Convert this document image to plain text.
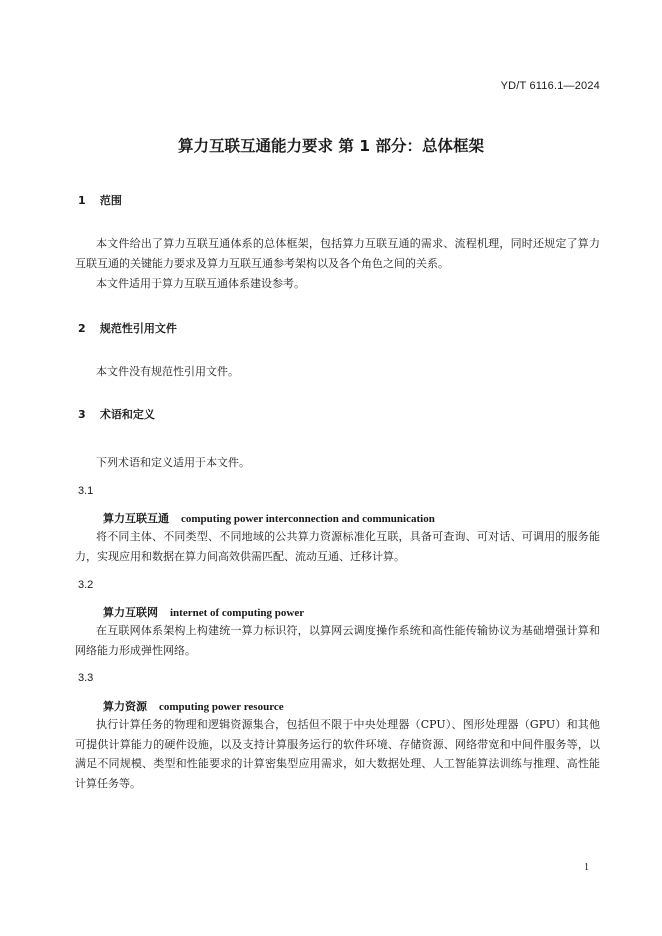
YD/T 6116.1—2024
算力互联互通能力要求 第 1 部分：总体框架
1 范围
本文件给出了算力互联互通体系的总体框架，包括算力互联互通的需求、流程机理，同时还规定了算力互联互通的关键能力要求及算力互联互通参考架构以及各个角色之间的关系。
本文件适用于算力互联互通体系建设参考。
2 规范性引用文件
本文件没有规范性引用文件。
3 术语和定义
下列术语和定义适用于本文件。
3.1
算力互联互通 computing power interconnection and communication
将不同主体、不同类型、不同地域的公共算力资源标准化互联，具备可查询、可对话、可调用的服务能力，实现应用和数据在算力间高效供需匹配、流动互通、迁移计算。
3.2
算力互联网 internet of computing power
在互联网体系架构上构建统一算力标识符，以算网云调度操作系统和高性能传输协议为基础增强计算和网络能力形成弹性网络。
3.3
算力资源 computing power resource
执行计算任务的物理和逻辑资源集合，包括但不限于中央处理器（CPU）、图形处理器（GPU）和其他可提供计算能力的硬件设施，以及支持计算服务运行的软件环境、存储资源、网络带宽和中间件服务等，以满足不同规模、类型和性能要求的计算密集型应用需求，如大数据处理、人工智能算法训练与推理、高性能计算任务等。
1
